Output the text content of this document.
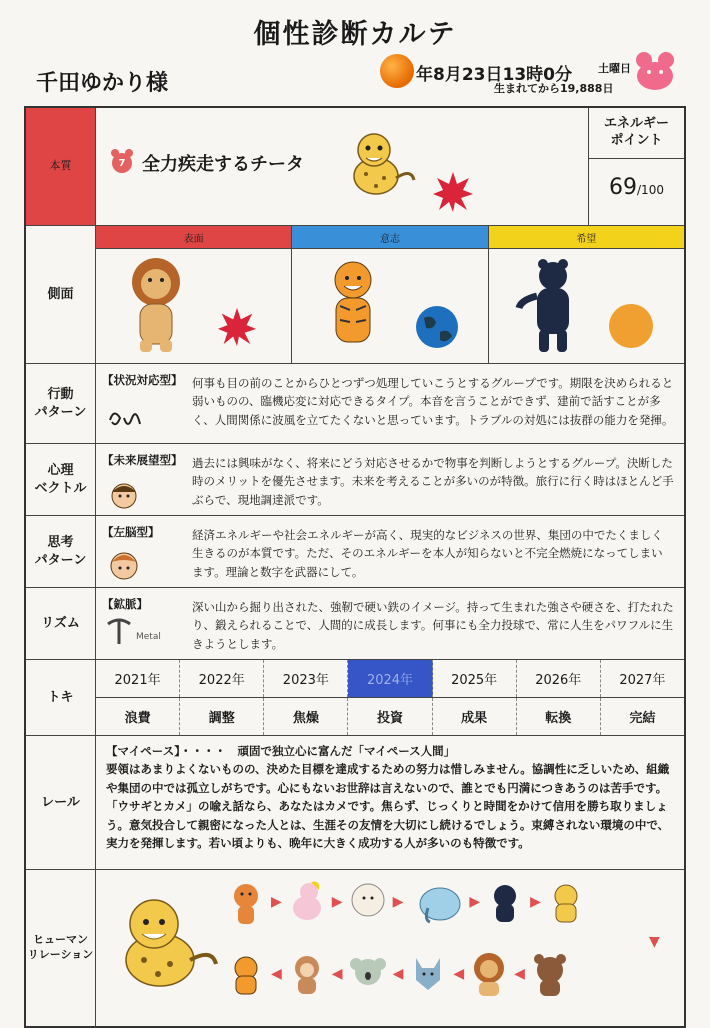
個性診断カルテ
千田ゆかり様	年8月23日13時0分 土曜日
生まれてから19,888日
本質	7 全力疾走するチータ
エネルギー
ポイント
69/100
側面
表面	意志	希望
行動
パターン
【状況対応型】 何事も目の前のことからひとつずつ処理していこうとするグループです。期限を決められると弱いものの、臨機応変に対応できるタイプ。本音を言うことができず、建前で話すことが多く、人間関係に波風を立てたくないと思っています。トラブルの対処には抜群の能力を発揮。
心理
ベクトル
【未来展望型】 過去には興味がなく、将来にどう対応させるかで物事を判断しようとするグループ。決断した時のメリットを優先させます。未来を考えることが多いのが特徴。旅行に行く時はほとんど手ぶらで、現地調達派です。
思考
パターン
【左脳型】	経済エネルギーや社会エネルギーが高く、現実的なビジネスの世界、集団の中でたくましく生きるのが本質です。ただ、そのエネルギーを本人が知らないと不完全燃焼になってしまいます。理論と数字を武器にして。
リズム
【鉱脈】
Metal
深い山から掘り出された、強靭で硬い鉄のイメージ。持って生まれた強さや硬さを、打たれたり、鍛えられることで、人間的に成長します。何事にも全力投球で、常に人生をパワフルに生きようとします。
トキ
2021年	2022年	2023年	2024年	2025年	2026年	2027年
浪費	調整	焦燥	投資	成果	転換	完結
レール
【マイペース】・・・・　頑固で独立心に富んだ「マイペース人間」
要領はあまりよくないものの、決めた目標を達成するための努力は惜しみません。協調性に乏しいため、組織や集団の中では孤立しがちです。心にもないお世辞は言えないので、誰とでも円満につきあうのは苦手です。「ウサギとカメ」の喩え話なら、あなたはカメです。焦らず、じっくりと時間をかけて信用を勝ち取りましょう。意気投合して親密になった人とは、生涯その友情を大切にし続けるでしょう。束縛されない環境の中で、実力を発揮します。若い頃よりも、晩年に大きく成功する人が多いのも特徴です。
ヒューマン
リレーション
▶	▶	▶	▶	▶
▼
◀	◀	◀	◀	◀
